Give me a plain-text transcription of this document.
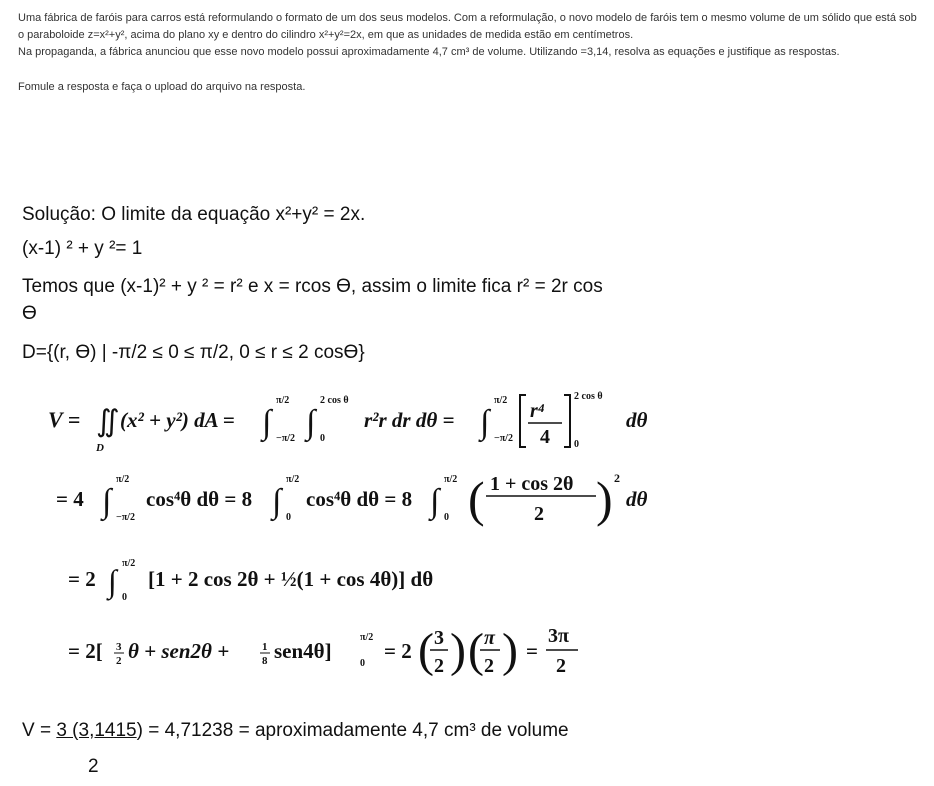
Uma fábrica de faróis para carros está reformulando o formato de um dos seus modelos. Com a reformulação, o novo modelo de faróis tem o mesmo volume de um sólido que está sob o paraboloide z=x²+y², acima do plano xy e dentro do cilindro x²+y²=2x, em que as unidades de medida estão em centímetros.

Na propaganda, a fábrica anunciou que esse novo modelo possui aproximadamente 4,7 cm³ de volume. Utilizando =3,14, resolva as equações e justifique as respostas.

Fomule a resposta e faça o upload do arquivo na resposta.
Solução: O limite da equação x²+y² = 2x.
(x-1) ² + y ²= 1
Temos que (x-1)² + y ² = r² e x = rcos ϴ, assim o limite fica r² = 2r cos
ϴ
D={(r, ϴ) | -π/2 ≤ 0 ≤ π/2, 0 ≤ r ≤ 2 cosϴ}
V = ∬
D
(x² + y²) dA = ∫
π/2
−π/2 ∫
2 cos θ
0
r²r dr dθ = ∫
π/2
−π/2
r⁴
4
2 cos θ
0
dθ
= 4 ∫
π/2
−π/2
cos⁴θ dθ = 8 ∫
π/2
0
cos⁴θ dθ = 8 ∫
π/2
0 ( 1 + cos 2θ
2 ) 2
dθ
= 2 ∫ π/2
0
[1 + 2 cos 2θ + ½(1 + cos 4θ)] dθ
= 2[ 3
2 θ + sen2θ +	1
8 sen4θ]
π/2
0
= 2 ( 3
2 ) ( π
2 ) =
3π
2
V = 3 (3,1415) = 4,71238 = aproximadamente 4,7 cm³ de volume
2
